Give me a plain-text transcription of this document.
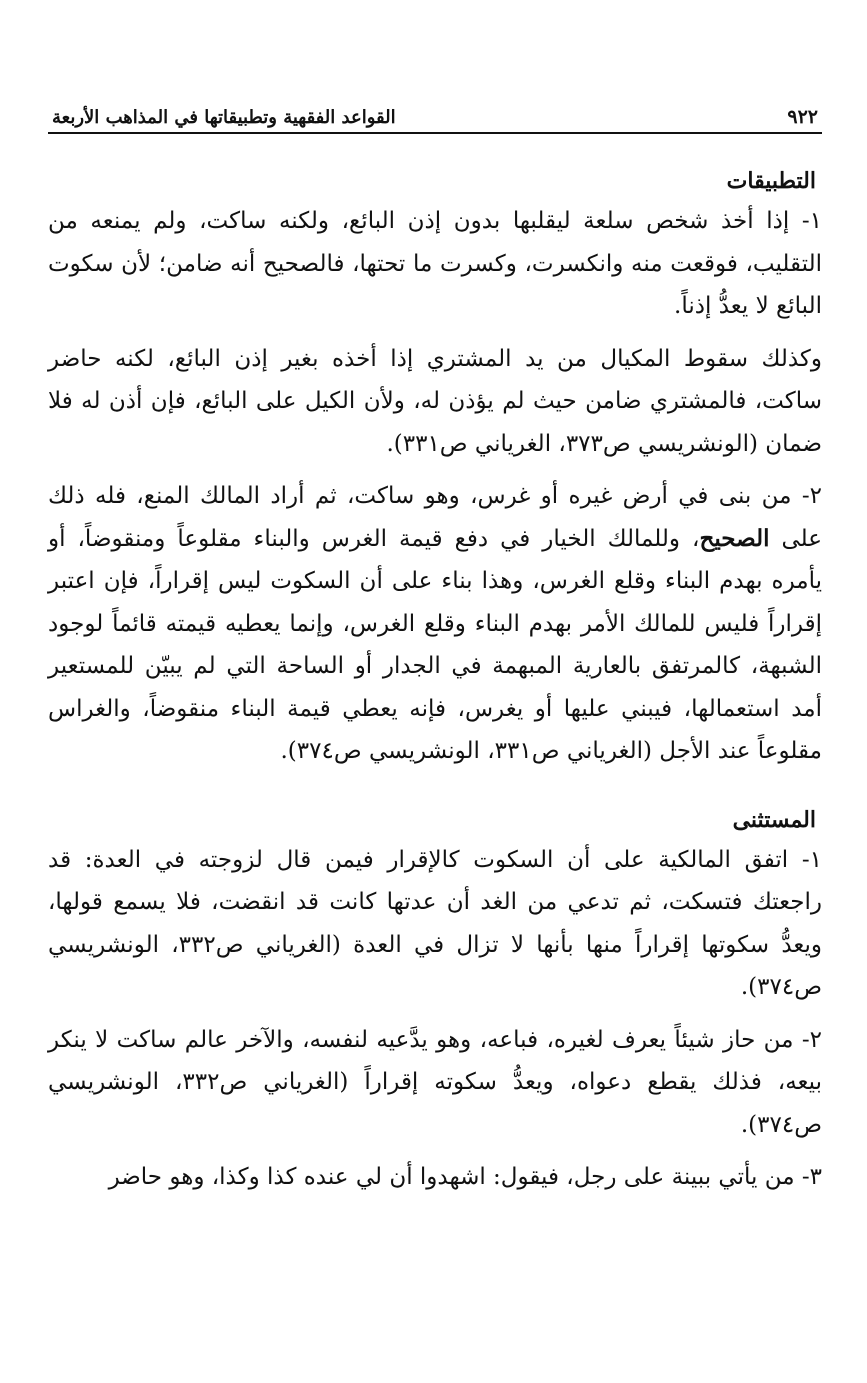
٩٢٢
القواعد الفقهية وتطبيقاتها في المذاهب الأربعة
التطبيقات

١- إذا أخذ شخص سلعة ليقلبها بدون إذن البائع، ولكنه ساكت، ولم يمنعه من التقليب، فوقعت منه وانكسرت، وكسرت ما تحتها، فالصحيح أنه ضامن؛ لأن سكوت البائع لا يعدُّ إذناً.

وكذلك سقوط المكيال من يد المشتري إذا أخذه بغير إذن البائع، لكنه حاضر ساكت، فالمشتري ضامن حيث لم يؤذن له، ولأن الكيل على البائع، فإن أذن له فلا ضمان (الونشريسي ص٣٧٣، الغرياني ص٣٣١).

٢- من بنى في أرض غيره أو غرس، وهو ساكت، ثم أراد المالك المنع، فله ذلك على الصحيح، وللمالك الخيار في دفع قيمة الغرس والبناء مقلوعاً ومنقوضاً، أو يأمره بهدم البناء وقلع الغرس، وهذا بناء على أن السكوت ليس إقراراً، فإن اعتبر إقراراً فليس للمالك الأمر بهدم البناء وقلع الغرس، وإنما يعطيه قيمته قائماً لوجود الشبهة، كالمرتفق بالعارية المبهمة في الجدار أو الساحة التي لم يبيّن للمستعير أمد استعمالها، فيبني عليها أو يغرس، فإنه يعطي قيمة البناء منقوضاً، والغراس مقلوعاً عند الأجل (الغرياني ص٣٣١، الونشريسي ص٣٧٤).

المستثنى

١- اتفق المالكية على أن السكوت كالإقرار فيمن قال لزوجته في العدة: قد راجعتك فتسكت، ثم تدعي من الغد أن عدتها كانت قد انقضت، فلا يسمع قولها، ويعدُّ سكوتها إقراراً منها بأنها لا تزال في العدة (الغرياني ص٣٣٢، الونشريسي ص٣٧٤).

٢- من حاز شيئاً يعرف لغيره، فباعه، وهو يدَّعيه لنفسه، والآخر عالم ساكت لا ينكر بيعه، فذلك يقطع دعواه، ويعدُّ سكوته إقراراً (الغرياني ص٣٣٢، الونشريسي ص٣٧٤).

٣- من يأتي ببينة على رجل، فيقول: اشهدوا أن لي عنده كذا وكذا، وهو حاضر
